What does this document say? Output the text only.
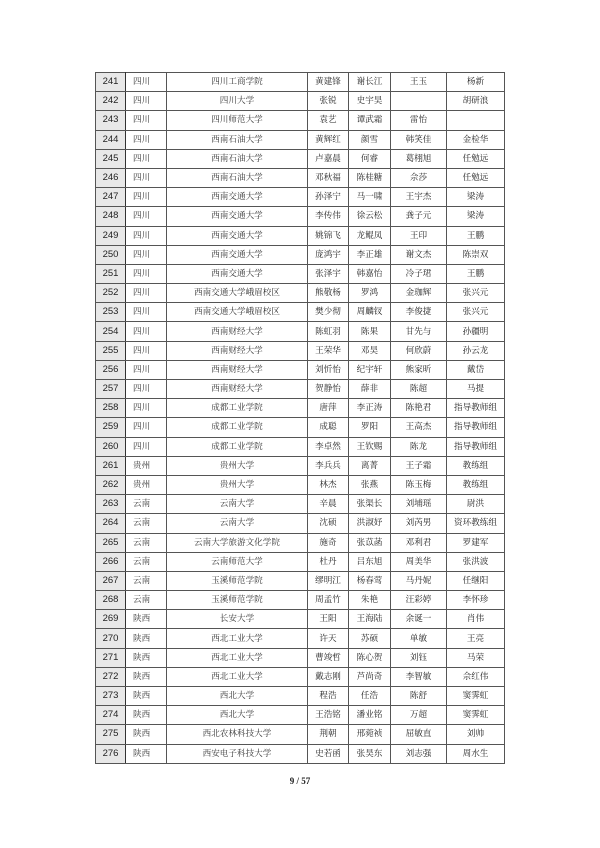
241	四川	四川工商学院	黄建锋	谢长江	王玉	杨新
242	四川	四川大学	张锐	史宇昊		胡研浪
243	四川	四川师范大学	袁艺	谭武霜	雷怡	
244	四川	西南石油大学	黄辉红	颜雪	韩笑佳	金检华
245	四川	西南石油大学	卢嘉晨	何睿	葛栩旭	任勉远
246	四川	西南石油大学	邓秋福	陈桂糖	佘莎	任勉远
247	四川	西南交通大学	孙泽宁	马一啸	王宇杰	梁涛
248	四川	西南交通大学	李传伟	徐云松	龚子元	梁涛
249	四川	西南交通大学	姚锦飞	龙鲲凤	王印	王鹏
250	四川	西南交通大学	庞鸿宇	李正雄	谢文杰	陈崇双
251	四川	西南交通大学	张泽宇	韩嘉怡	冷子珺	王鹏
252	四川	西南交通大学峨眉校区	熊敬杨	罗鸿	金珈辉	张兴元
253	四川	西南交通大学峨眉校区	樊少彻	周麟钗	李俊捷	张兴元
254	四川	西南财经大学	陈虹羽	陈果	甘先与	孙疆明
255	四川	西南财经大学	王荣华	邓昊	何欣蔚	孙云龙
256	四川	西南财经大学	刘忻怡	纪宇轩	熊家昕	戴岱
257	四川	西南财经大学	贺静怡	薛非	陈超	马提
258	四川	成都工业学院	唐萍	李正涛	陈艳君	指导教师组
259	四川	成都工业学院	成聪	罗阳	王高杰	指导教师组
260	四川	成都工业学院	李卓然	王钦赐	陈龙	指导教师组
261	贵州	贵州大学	李兵兵	离菁	王子霜	教练组
262	贵州	贵州大学	林杰	张燕	陈玉梅	教练组
263	云南	云南大学	辛晨	张渠长	刘埔瑶	尉洪
264	云南	云南大学	沈硕	洪淑妤	刘芮男	资环教练组
265	云南	云南大学旅游文化学院	施奇	张苡菡	邓利君	罗建军
266	云南	云南师范大学	杜丹	吕东旭	周美华	张洪波
267	云南	玉溪师范学院	缪明江	杨春莺	马丹妮	任继阳
268	云南	玉溪师范学院	周孟竹	朱艳	汪彩婷	李怀珍
269	陕西	长安大学	王阳	王海陆	余诞一	肖伟
270	陕西	西北工业大学	许天	苏硕	单敏	王亮
271	陕西	西北工业大学	曹竣哲	陈心贺	刘钰	马荣
272	陕西	西北工业大学	戴志刚	芦尚奇	李智敏	佘红伟
273	陕西	西北大学	程浩	任浩	陈舒	窦霁虹
274	陕西	西北大学	王浩铭	潘业铭	万超	窦霁虹
275	陕西	西北农林科技大学	荆朝	邢菀祯	屈敏直	刘帅
276	陕西	西安电子科技大学	史若函	张昊东	刘志强	周水生
9 / 57
